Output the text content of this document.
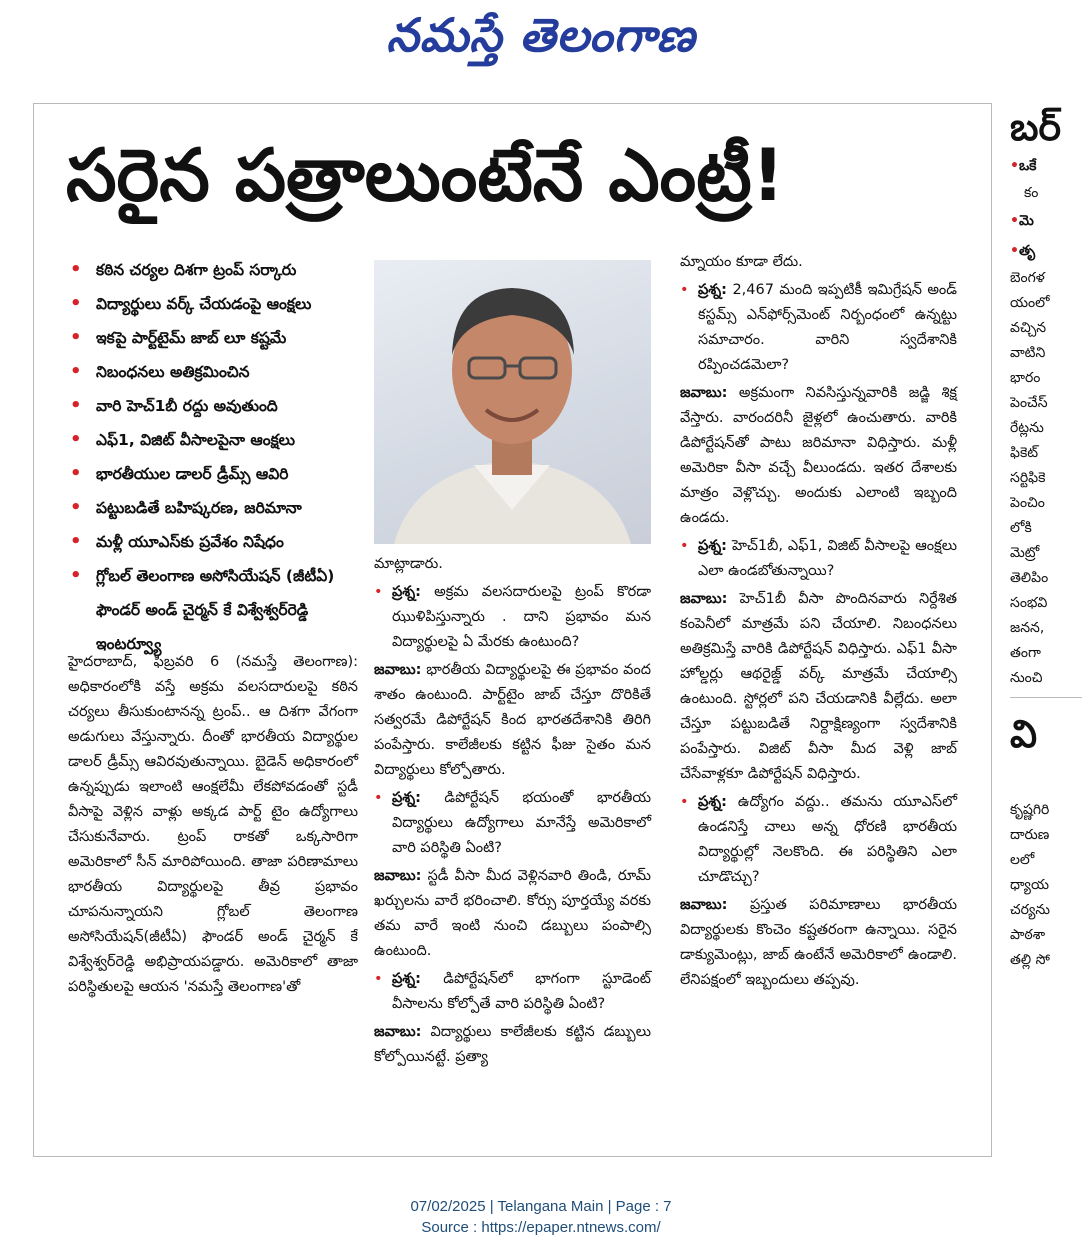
నమస్తే తెలంగాణ
సరైన పత్రాలుంటేనే ఎంట్రీ!
• కఠిన చర్యల దిశగా ట్రంప్ సర్కారు
• విద్యార్థులు వర్క్ చేయడంపై ఆంక్షలు
• ఇకపై పార్ట్‌టైమ్ జాబ్ లూ కష్టమే
• నిబంధనలు అతిక్రమించిన
• వారి హెచ్1బీ రద్దు అవుతుంది
• ఎఫ్1, విజిట్ వీసాలపైనా ఆంక్షలు
• భారతీయుల డాలర్ డ్రీమ్స్ ఆవిరి
• పట్టుబడితే బహిష్కరణ, జరిమానా
• మళ్లీ యూఎస్‌కు ప్రవేశం నిషేధం
• గ్లోబల్ తెలంగాణ అసోసియేషన్ (జీటీఏ) ఫౌండర్ అండ్ చైర్మన్ కే విశ్వేశ్వర్‌రెడ్డి ఇంటర్వ్యూ

హైదరాబాద్, ఫిబ్రవరి 6 (నమస్తే తెలంగాణ): అధికారంలోకి వస్తే అక్రమ వలసదారులపై కఠిన చర్యలు తీసుకుంటానన్న ట్రంప్.. ఆ దిశగా వేగంగా అడుగులు వేస్తున్నారు. దీంతో భారతీయ విద్యార్థుల డాలర్ డ్రీమ్స్ ఆవిరవుతున్నాయి. బైడెన్ అధికారంలో ఉన్నప్పుడు ఇలాంటి ఆంక్షలేమీ లేకపోవడంతో స్టడీ వీసాపై వెళ్లిన వాళ్లు అక్కడ పార్ట్ టైం ఉద్యోగాలు చేసుకునేవారు. ట్రంప్ రాకతో ఒక్కసారిగా అమెరికాలో సీన్ మారిపోయింది. తాజా పరిణామాలు భారతీయ విద్యార్థులపై తీవ్ర ప్రభావం చూపనున్నాయని గ్లోబల్ తెలంగాణ అసోసియేషన్(జీటీఏ) ఫౌండర్ అండ్ చైర్మన్ కే విశ్వేశ్వర్‌రెడ్డి అభిప్రాయపడ్డారు. అమెరికాలో తాజా పరిస్థితులపై ఆయన 'నమస్తే తెలంగాణ'తో

మాట్లాడారు.

• ప్రశ్న: అక్రమ వలసదారులపై ట్రంప్ కొరడా ఝుళిపిస్తున్నారు . దాని ప్రభావం మన విద్యార్థులపై ఏ మేరకు ఉంటుంది?

జవాబు: భారతీయ విద్యార్థులపై ఈ ప్రభావం వంద శాతం ఉంటుంది. పార్ట్‌టైం జాబ్ చేస్తూ దొరికితే సత్వరమే డిపోర్టేషన్ కింద భారతదేశానికి తిరిగి పంపేస్తారు. కాలేజీలకు కట్టిన ఫీజు సైతం మన విద్యార్థులు కోల్పోతారు.

• ప్రశ్న: డిపోర్టేషన్ భయంతో భారతీయ విద్యార్థులు ఉద్యోగాలు మానేస్తే అమెరికాలో వారి పరిస్థితి ఏంటి?

జవాబు: స్టడీ వీసా మీద వెళ్లినవారి తిండి, రూమ్ ఖర్చులను వారే భరించాలి. కోర్సు పూర్తయ్యే వరకు తమ వారే ఇంటి నుంచి డబ్బులు పంపాల్సి ఉంటుంది.

• ప్రశ్న: డిపోర్టేషన్‌లో భాగంగా స్టూడెంట్ వీసాలను కోల్పోతే వారి పరిస్థితి ఏంటి?

జవాబు: విద్యార్థులు కాలేజీలకు కట్టిన డబ్బులు కోల్పోయినట్టే. ప్రత్యా

మ్నాయం కూడా లేదు.

• ప్రశ్న: 2,467 మంది ఇప్పటికీ ఇమిగ్రేషన్ అండ్ కస్టమ్స్ ఎన్‌ఫోర్స్‌మెంట్ నిర్బంధంలో ఉన్నట్టు సమాచారం. వారిని స్వదేశానికి రప్పించడమెలా?

జవాబు: అక్రమంగా నివసిస్తున్నవారికి జడ్జి శిక్ష వేస్తారు. వారందరినీ జైళ్లలో ఉంచుతారు. వారికి డిపోర్టేషన్‌తో పాటు జరిమానా విధిస్తారు. మళ్లీ అమెరికా వీసా వచ్చే వీలుండదు. ఇతర దేశాలకు మాత్రం వెళ్లొచ్చు. అందుకు ఎలాంటి ఇబ్బంది ఉండదు.

• ప్రశ్న: హెచ్1బీ, ఎఫ్1, విజిట్ వీసాలపై ఆంక్షలు ఎలా ఉండబోతున్నాయి?

జవాబు: హెచ్1బీ వీసా పొందినవారు నిర్దేశిత కంపెనీలో మాత్రమే పని చేయాలి. నిబంధనలు అతిక్రమిస్తే వారికి డిపోర్టేషన్ విధిస్తారు. ఎఫ్1 వీసా హోల్డర్లు ఆథరైజ్డ్ వర్క్ మాత్రమే చేయాల్సి ఉంటుంది. స్టోర్లలో పని చేయడానికి వీల్లేదు. అలా చేస్తూ పట్టుబడితే నిర్దాక్షిణ్యంగా స్వదేశానికి పంపేస్తారు. విజిట్ వీసా మీద వెళ్లి జాబ్ చేసేవాళ్లకూ డిపోర్టేషన్ విధిస్తారు.

• ప్రశ్న: ఉద్యోగం వద్దు.. తమను యూఎస్‌లో ఉండనిస్తే చాలు అన్న ధోరణి భారతీయ విద్యార్థుల్లో నెలకొంది. ఈ పరిస్థితిని ఎలా చూడొచ్చు?

జవాబు: ప్రస్తుత పరిమాణాలు భారతీయ విద్యార్థులకు కొంచెం కష్టతరంగా ఉన్నాయి. సరైన డాక్యుమెంట్లు, జాబ్ ఉంటేనే అమెరికాలో ఉండాలి. లేనిపక్షంలో ఇబ్బందులు తప్పవు.

బర్
• ఒకే
కం
• మె
• తృ
బెంగళ
యంలో
వచ్చిన
వాటిని
భారం
పెంచేస్
రేట్లను
ఫికెట్
సర్టిఫికె
పెంచిం
లోకి
మెట్రో
తెలిపిం
సంభవి
జనన,
తంగా
నుంచి
వి
కృష్ణగిరి
దారుణ
లలో
ధ్యాయ
చర్యను
పాఠశా
తల్లి సో
07/02/2025 | Telangana Main | Page : 7
Source : https://epaper.ntnews.com/
